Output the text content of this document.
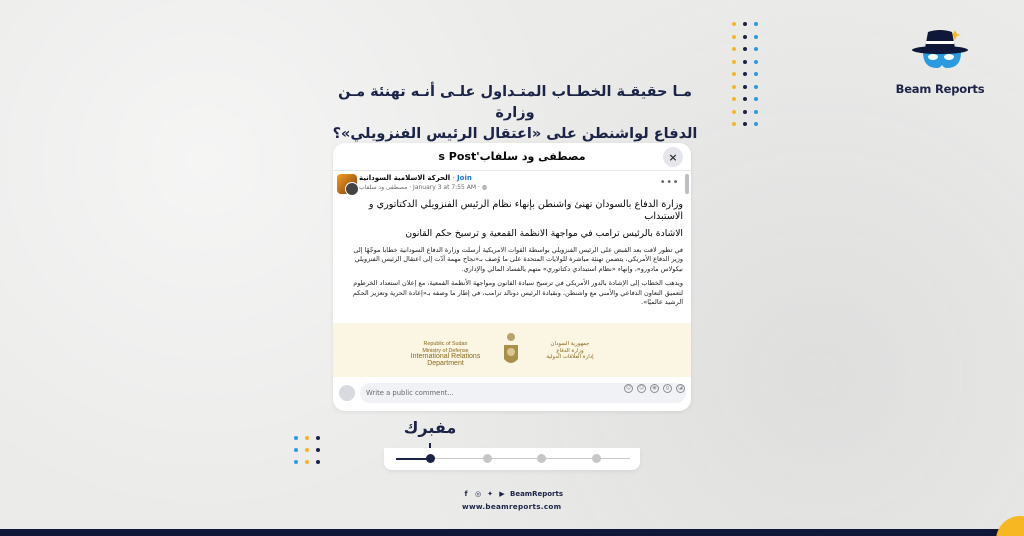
Beam Reports
مـا حقيقـة الخطـاب المتـداول علـى أنـه تهنئة مـن وزارة
الدفاع لواشنطن على «اعتقال الرئيس الفنزويلي»؟
مصطفى ود سلفاب's Post	×
الحركة الاسلامية السودانية · Join
مصطفى ود سلفاب · January 3 at 7:55 AM · ◍	•••
وزارة الدفاع بالسودان تهنئ واشنطن بإنهاء نظام الرئيس الفنزويلي الدكتاتوري و الاستبداب
الاشادة بالرئيس ترامب في مواجهة الانظمة القمعية و ترسيخ حكم القانون
في تطور لافت بعد القبض على الرئيس الفنزويلي بواسطة القوات الامريكية أرسلت وزارة الدفاع السودانية خطابا موجّهًا إلى وزير الدفاع الأمريكي، يتضمن تهنئة مباشرة للولايات المتحدة على ما وُصف بـ«نجاح مهمة أدّت إلى اعتقال الرئيس الفنزويلي نيكولاس مادورو»، وإنهاء «نظام استبدادي دكتاتوري» متهم بالفساد المالي والإداري.
ويذهب الخطاب إلى الإشادة بالدور الأمريكي في ترسيخ سيادة القانون ومواجهة الأنظمة القمعية، مع إعلان استعداد الخرطوم لتعميق التعاون الدفاعي والأمني مع واشنطن، وبقيادة الرئيس دونالد ترامب، في إطار ما وصفه بـ«إعادة الحرية وتعزيز الحكم الرشيد عالميًا».
Republic of Sudan
Ministry of Defense
International Relations Department
جمهورية السودان
وزارة الدفاع
إدارة العلاقات الدولية
Write a public comment...
☺	☺	◉	g	◪
مفبرك
f	◎ ✦ ▶ BeamReports
www.beamreports.com
